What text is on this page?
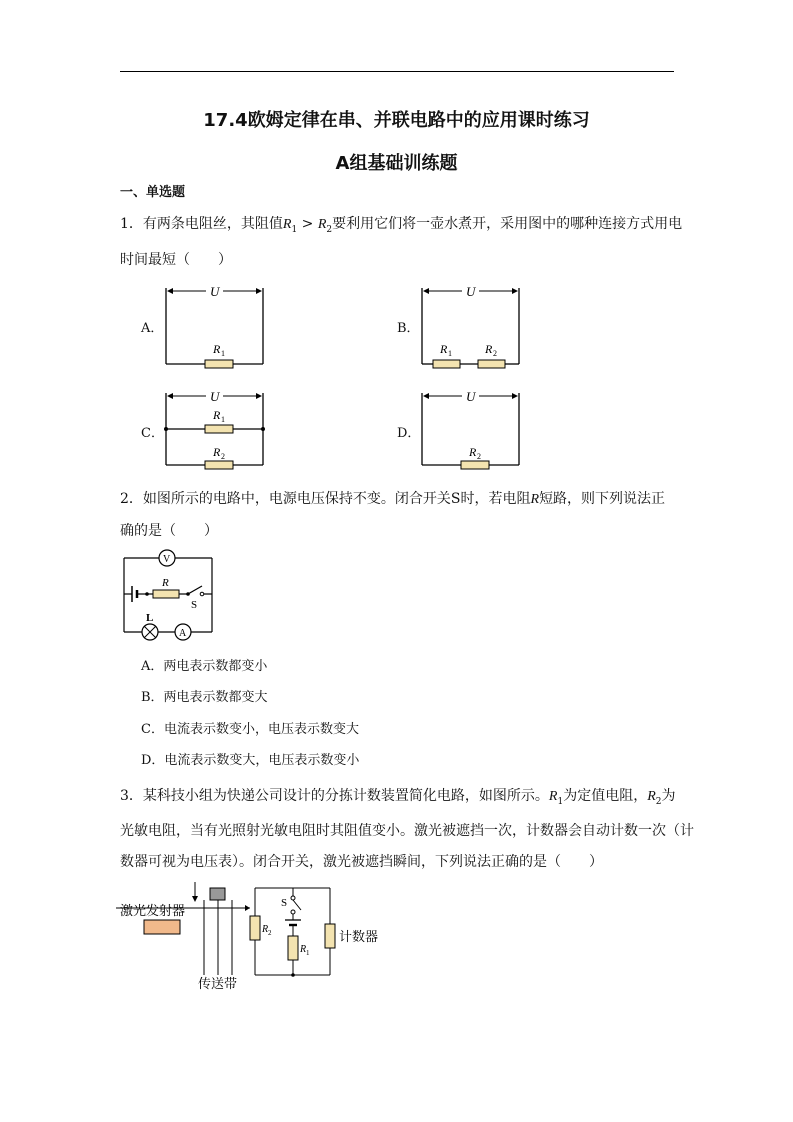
17.4欧姆定律在串、并联电路中的应用课时练习
A组基础训练题
一、单选题
1．有两条电阻丝，其阻值$R_1 > R_2$要利用它们将一壶水煮开，采用图中的哪种连接方式用电
时间最短（　　）
A．	B．
C．	D．
U
R 1
U
R 1	R 2
U
R 1
R 2
U
R 2
2．如图所示的电路中，电源电压保持不变。闭合开关S时，若电阻R短路，则下列说法正
确的是（　　）
V
R
S
L
A
A．两电表示数都变小
B．两电表示数都变大
C．电流表示数变小，电压表示数变大
D．电流表示数变大，电压表示数变小
3．某科技小组为快递公司设计的分拣计数装置简化电路，如图所示。$R_1$为定值电阻，$R_2$为
光敏电阻，当有光照射光敏电阻时其阻值变小。激光被遮挡一次，计数器会自动计数一次（计
数器可视为电压表）。闭合开关，激光被遮挡瞬间，下列说法正确的是（　　）
激光发射器
传送带
R 2
S
R 1
计数器
